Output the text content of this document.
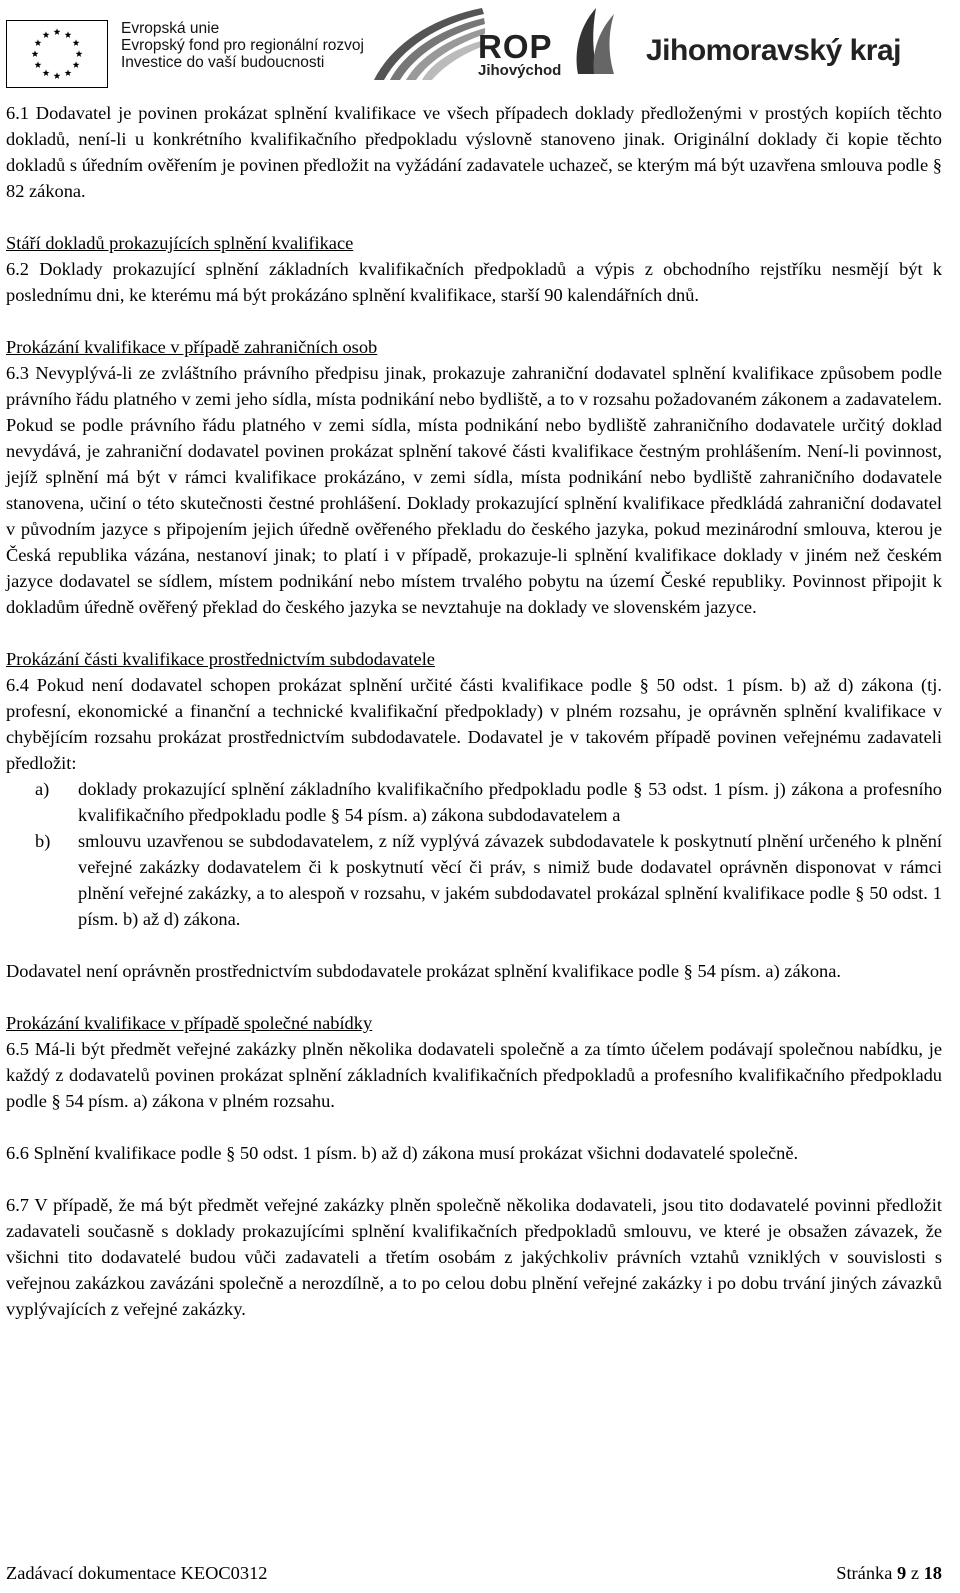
Evropská unie
Evropský fond pro regionální rozvoj
Investice do vaší budoucnosti	ROP
Jihovýchod
Jihomoravský kraj

6.1 Dodavatel je povinen prokázat splnění kvalifikace ve všech případech doklady předloženými v prostých kopiích těchto dokladů, není-li u konkrétního kvalifikačního předpokladu výslovně stanoveno jinak. Originální doklady či kopie těchto dokladů s úředním ověřením je povinen předložit na vyžádání zadavatele uchazeč, se kterým má být uzavřena smlouva podle § 82 zákona.

Stáří dokladů prokazujících splnění kvalifikace

6.2 Doklady prokazující splnění základních kvalifikačních předpokladů a výpis z obchodního rejstříku nesmějí být k poslednímu dni, ke kterému má být prokázáno splnění kvalifikace, starší 90 kalendářních dnů.

Prokázání kvalifikace v případě zahraničních osob

6.3 Nevyplývá-li ze zvláštního právního předpisu jinak, prokazuje zahraniční dodavatel splnění kvalifikace způsobem podle právního řádu platného v zemi jeho sídla, místa podnikání nebo bydliště, a to v rozsahu požadovaném zákonem a zadavatelem. Pokud se podle právního řádu platného v zemi sídla, místa podnikání nebo bydliště zahraničního dodavatele určitý doklad nevydává, je zahraniční dodavatel povinen prokázat splnění takové části kvalifikace čestným prohlášením. Není-li povinnost, jejíž splnění má být v rámci kvalifikace prokázáno, v zemi sídla, místa podnikání nebo bydliště zahraničního dodavatele stanovena, učiní o této skutečnosti čestné prohlášení. Doklady prokazující splnění kvalifikace předkládá zahraniční dodavatel v původním jazyce s připojením jejich úředně ověřeného překladu do českého jazyka, pokud mezinárodní smlouva, kterou je Česká republika vázána, nestanoví jinak; to platí i v případě, prokazuje-li splnění kvalifikace doklady v jiném než českém jazyce dodavatel se sídlem, místem podnikání nebo místem trvalého pobytu na území České republiky. Povinnost připojit k dokladům úředně ověřený překlad do českého jazyka se nevztahuje na doklady ve slovenském jazyce.

Prokázání části kvalifikace prostřednictvím subdodavatele

6.4 Pokud není dodavatel schopen prokázat splnění určité části kvalifikace podle § 50 odst. 1 písm. b) až d) zákona (tj. profesní, ekonomické a finanční a technické kvalifikační předpoklady) v plném rozsahu, je oprávněn splnění kvalifikace v chybějícím rozsahu prokázat prostřednictvím subdodavatele. Dodavatel je v takovém případě povinen veřejnému zadavateli předložit:

a)	doklady prokazující splnění základního kvalifikačního předpokladu podle § 53 odst. 1 písm. j) zákona a profesního kvalifikačního předpokladu podle § 54 písm. a) zákona subdodavatelem a
b)	smlouvu uzavřenou se subdodavatelem, z níž vyplývá závazek subdodavatele k poskytnutí plnění určeného k plnění veřejné zakázky dodavatelem či k poskytnutí věcí či práv, s nimiž bude dodavatel oprávněn disponovat v rámci plnění veřejné zakázky, a to alespoň v rozsahu, v jakém subdodavatel prokázal splnění kvalifikace podle § 50 odst. 1 písm. b) až d) zákona.

Dodavatel není oprávněn prostřednictvím subdodavatele prokázat splnění kvalifikace podle § 54 písm. a) zákona.

Prokázání kvalifikace v případě společné nabídky

6.5 Má-li být předmět veřejné zakázky plněn několika dodavateli společně a za tímto účelem podávají společnou nabídku, je každý z dodavatelů povinen prokázat splnění základních kvalifikačních předpokladů a profesního kvalifikačního předpokladu podle § 54 písm. a) zákona v plném rozsahu.

6.6 Splnění kvalifikace podle § 50 odst. 1 písm. b) až d) zákona musí prokázat všichni dodavatelé společně.

6.7 V případě, že má být předmět veřejné zakázky plněn společně několika dodavateli, jsou tito dodavatelé povinni předložit zadavateli současně s doklady prokazujícími splnění kvalifikačních předpokladů smlouvu, ve které je obsažen závazek, že všichni tito dodavatelé budou vůči zadavateli a třetím osobám z jakýchkoliv právních vztahů vzniklých v souvislosti s veřejnou zakázkou zavázáni společně a nerozdílně, a to po celou dobu plnění veřejné zakázky i po dobu trvání jiných závazků vyplývajících z veřejné zakázky.

Zadávací dokumentace KEOC0312	Stránka 9 z 18
